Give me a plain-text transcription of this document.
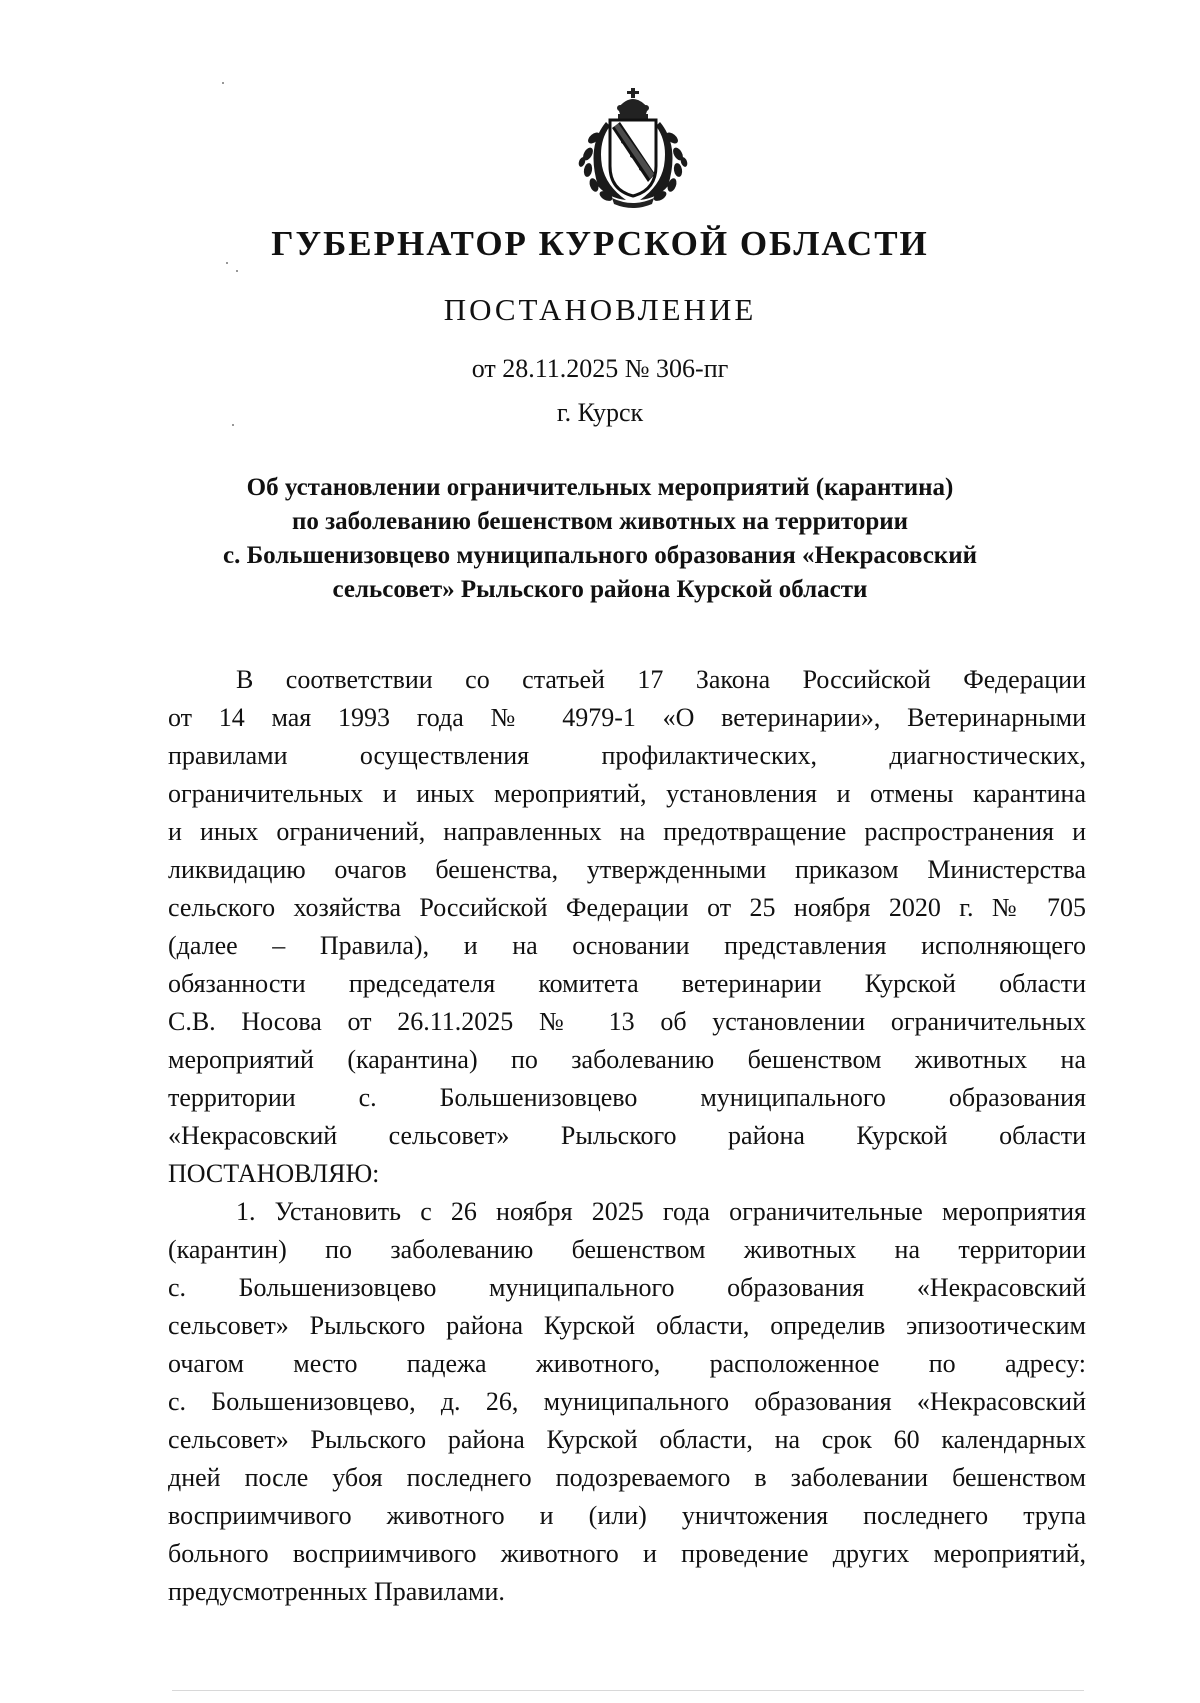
ГУБЕРНАТОР КУРСКОЙ ОБЛАСТИ
ПОСТАНОВЛЕНИЕ
от 28.11.2025 № 306-пг
г. Курск
Об установлении ограничительных мероприятий (карантина)
по заболеванию бешенством животных на территории
с. Большенизовцево муниципального образования «Некрасовский
сельсовет» Рыльского района Курской области
В соответствии со статьей 17 Закона Российской Федерации
от 14 мая 1993 года № 4979-1 «О ветеринарии», Ветеринарными
правилами осуществления профилактических, диагностических,
ограничительных и иных мероприятий, установления и отмены карантина
и иных ограничений, направленных на предотвращение распространения и
ликвидацию очагов бешенства, утвержденными приказом Министерства
сельского хозяйства Российской Федерации от 25 ноября 2020 г. № 705
(далее – Правила), и на основании представления исполняющего
обязанности председателя комитета ветеринарии Курской области
С.В. Носова от 26.11.2025 № 13 об установлении ограничительных
мероприятий (карантина) по заболеванию бешенством животных на
территории с. Большенизовцево муниципального образования
«Некрасовский сельсовет» Рыльского района Курской области
ПОСТАНОВЛЯЮ:
1. Установить с 26 ноября 2025 года ограничительные мероприятия
(карантин) по заболеванию бешенством животных на территории
с. Большенизовцево муниципального образования «Некрасовский
сельсовет» Рыльского района Курской области, определив эпизоотическим
очагом место падежа животного, расположенное по адресу:
с. Большенизовцево, д. 26, муниципального образования «Некрасовский
сельсовет» Рыльского района Курской области, на срок 60 календарных
дней после убоя последнего подозреваемого в заболевании бешенством
восприимчивого животного и (или) уничтожения последнего трупа
больного восприимчивого животного и проведение других мероприятий,
предусмотренных Правилами.
